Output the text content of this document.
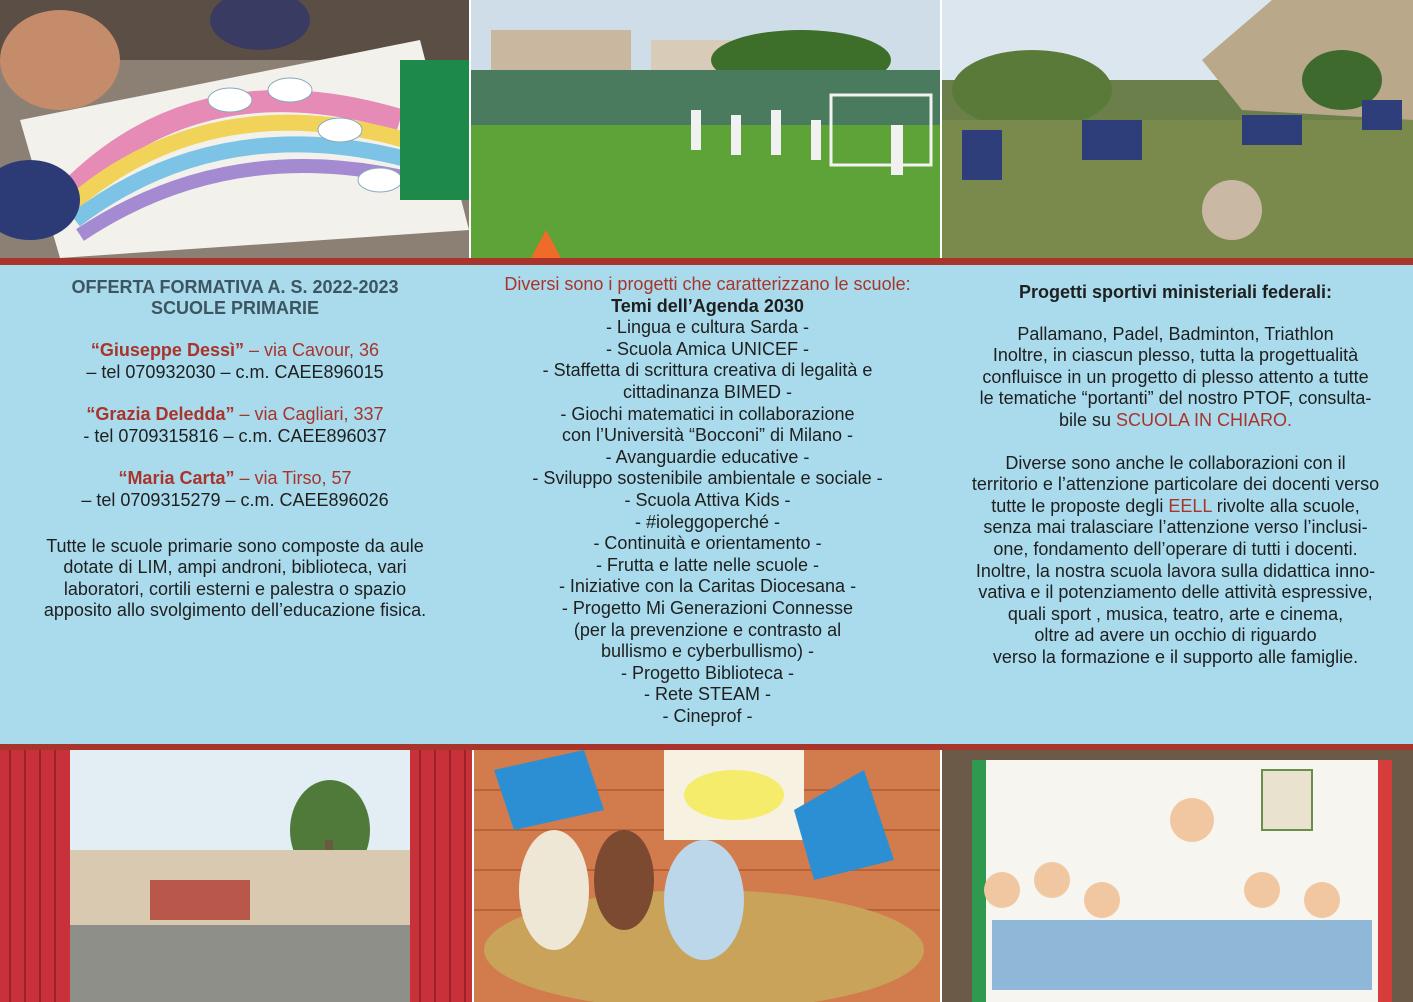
OFFERTA FORMATIVA A. S. 2022-2023
SCUOLE PRIMARIE
“Giuseppe Dessì” – via Cavour, 36
– tel 070932030 – c.m. CAEE896015
“Grazia Deledda” – via Cagliari, 337
- tel 0709315816 – c.m. CAEE896037
“Maria Carta” – via Tirso, 57
– tel 0709315279 – c.m. CAEE896026
Tutte le scuole primarie sono composte da aule
dotate di LIM, ampi androni, biblioteca, vari
laboratori, cortili esterni e palestra o spazio
apposito allo svolgimento dell’educazione fisica.
Diversi sono i progetti che caratterizzano le scuole:
Temi dell’Agenda 2030
- Lingua e cultura Sarda -
- Scuola Amica UNICEF -
- Staffetta di scrittura creativa di legalità e
cittadinanza BIMED -
- Giochi matematici in collaborazione
con l’Università “Bocconi” di Milano -
- Avanguardie educative -
- Sviluppo sostenibile ambientale e sociale -
- Scuola Attiva Kids -
- #ioleggoperché -
- Continuità e orientamento -
- Frutta e latte nelle scuole -
- Iniziative con la Caritas Diocesana -
- Progetto Mi Generazioni Connesse
(per la prevenzione e contrasto al
bullismo e cyberbullismo) -
- Progetto Biblioteca -
- Rete STEAM -
- Cineprof -
Progetti sportivi ministeriali federali:
Pallamano, Padel, Badminton, Triathlon
Inoltre, in ciascun plesso, tutta la progettualità
confluisce in un progetto di plesso attento a tutte
le tematiche “portanti” del nostro PTOF, consulta-
bile su SCUOLA IN CHIARO.
Diverse sono anche le collaborazioni con il
territorio e l’attenzione particolare dei docenti verso
tutte le proposte degli EELL rivolte alla scuole,
senza mai tralasciare l’attenzione verso l’inclusi-
one, fondamento dell’operare di tutti i docenti.
Inoltre, la nostra scuola lavora sulla didattica inno-
vativa e il potenziamento delle attività espressive,
quali sport , musica, teatro, arte e cinema,
oltre ad avere un occhio di riguardo
verso la formazione e il supporto alle famiglie.
